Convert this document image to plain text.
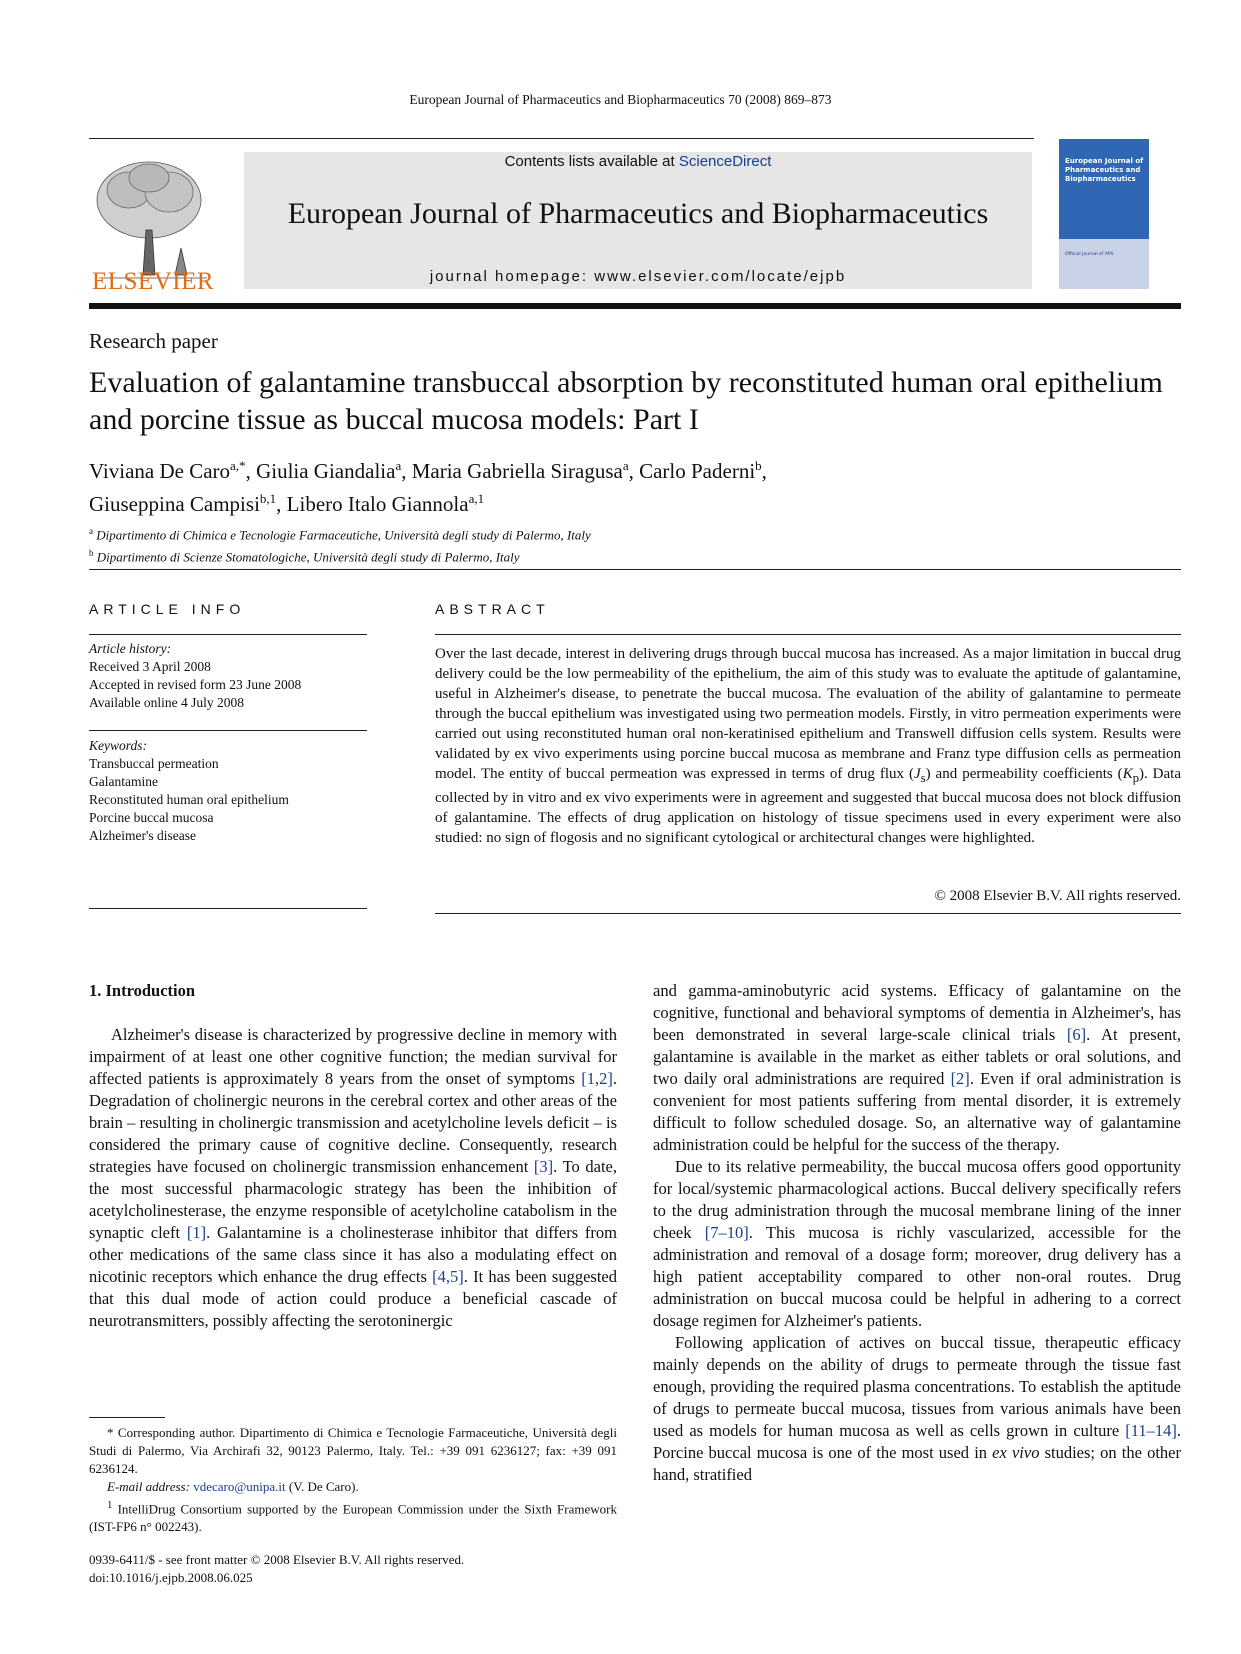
European Journal of Pharmaceutics and Biopharmaceutics 70 (2008) 869–873
ELSEVIER
Contents lists available at ScienceDirect
European Journal of Pharmaceutics and Biopharmaceutics
journal homepage: www.elsevier.com/locate/ejpb
European Journal of Pharmaceutics and Biopharmaceutics
Official Journal of APV
Research paper
Evaluation of galantamine transbuccal absorption by reconstituted human oral epithelium and porcine tissue as buccal mucosa models: Part I
Viviana De Caro$^{a,*}$, Giulia Giandalia$^a$, Maria Gabriella Siragusa$^a$, Carlo Paderni$^b$,
Giuseppina Campisi$^{b,1}$, Libero Italo Giannola$^{a,1}$
$^a$ Dipartimento di Chimica e Tecnologie Farmaceutiche, Università degli study di Palermo, Italy
$^b$ Dipartimento di Scienze Stomatologiche, Università degli study di Palermo, Italy
ARTICLE INFO
Article history:
Received 3 April 2008
Accepted in revised form 23 June 2008
Available online 4 July 2008
Keywords:
Transbuccal permeation
Galantamine
Reconstituted human oral epithelium
Porcine buccal mucosa
Alzheimer's disease
ABSTRACT

Over the last decade, interest in delivering drugs through buccal mucosa has increased. As a major limitation in buccal drug delivery could be the low permeability of the epithelium, the aim of this study was to evaluate the aptitude of galantamine, useful in Alzheimer's disease, to penetrate the buccal mucosa. The evaluation of the ability of galantamine to permeate through the buccal epithelium was investigated using two permeation models. Firstly, in vitro permeation experiments were carried out using reconstituted human oral non-keratinised epithelium and Transwell diffusion cells system. Results were validated by ex vivo experiments using porcine buccal mucosa as membrane and Franz type diffusion cells as permeation model. The entity of buccal permeation was expressed in terms of drug flux $(J_s)$ and permeability coefficients $(K_p)$. Data collected by in vitro and ex vivo experiments were in agreement and suggested that buccal mucosa does not block diffusion of galantamine. The effects of drug application on histology of tissue specimens used in every experiment were also studied: no sign of flogosis and no significant cytological or architectural changes were highlighted.

© 2008 Elsevier B.V. All rights reserved.

1. Introduction

Alzheimer's disease is characterized by progressive decline in memory with impairment of at least one other cognitive function; the median survival for affected patients is approximately 8 years from the onset of symptoms [1,2]. Degradation of cholinergic neurons in the cerebral cortex and other areas of the brain – resulting in cholinergic transmission and acetylcholine levels deficit – is considered the primary cause of cognitive decline. Consequently, research strategies have focused on cholinergic transmission enhancement [3]. To date, the most successful pharmacologic strategy has been the inhibition of acetylcholinesterase, the enzyme responsible of acetylcholine catabolism in the synaptic cleft [1]. Galantamine is a cholinesterase inhibitor that differs from other medications of the same class since it has also a modulating effect on nicotinic receptors which enhance the drug effects [4,5]. It has been suggested that this dual mode of action could produce a beneficial cascade of neurotransmitters, possibly affecting the serotoninergic

and gamma-aminobutyric acid systems. Efficacy of galantamine on the cognitive, functional and behavioral symptoms of dementia in Alzheimer's, has been demonstrated in several large-scale clinical trials [6]. At present, galantamine is available in the market as either tablets or oral solutions, and two daily oral administrations are required [2]. Even if oral administration is convenient for most patients suffering from mental disorder, it is extremely difficult to follow scheduled dosage. So, an alternative way of galantamine administration could be helpful for the success of the therapy.

Due to its relative permeability, the buccal mucosa offers good opportunity for local/systemic pharmacological actions. Buccal delivery specifically refers to the drug administration through the mucosal membrane lining of the inner cheek [7–10]. This mucosa is richly vascularized, accessible for the administration and removal of a dosage form; moreover, drug delivery has a high patient acceptability compared to other non-oral routes. Drug administration on buccal mucosa could be helpful in adhering to a correct dosage regimen for Alzheimer's patients.

Following application of actives on buccal tissue, therapeutic efficacy mainly depends on the ability of drugs to permeate through the tissue fast enough, providing the required plasma concentrations. To establish the aptitude of drugs to permeate buccal mucosa, tissues from various animals have been used as models for human mucosa as well as cells grown in culture [11–14]. Porcine buccal mucosa is one of the most used in ex vivo studies; on the other hand, stratified

* Corresponding author. Dipartimento di Chimica e Tecnologie Farmaceutiche, Università degli Studi di Palermo, Via Archirafi 32, 90123 Palermo, Italy. Tel.: +39 091 6236127; fax: +39 091 6236124.

E-mail address: vdecaro@unipa.it (V. De Caro).

$^1$ IntelliDrug Consortium supported by the European Commission under the Sixth Framework (IST-FP6 n° 002243).

0939-6411/$ - see front matter © 2008 Elsevier B.V. All rights reserved.
doi:10.1016/j.ejpb.2008.06.025
